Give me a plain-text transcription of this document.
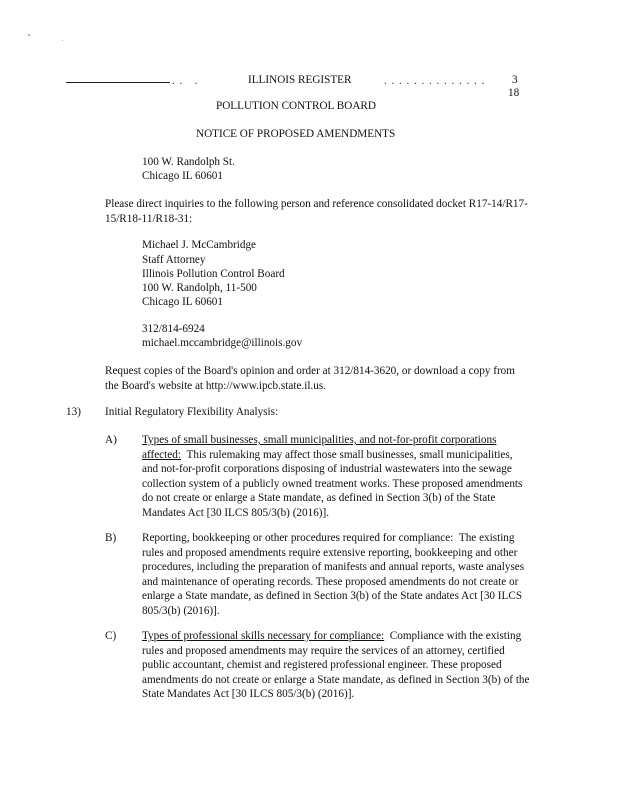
. .   .	ILLINOIS REGISTER	. . . . . . . . . . . . . . 3
18
POLLUTION CONTROL BOARD
NOTICE OF PROPOSED AMENDMENTS
100 W. Randolph St.
Chicago IL 60601
Please direct inquiries to the following person and reference consolidated docket R17-14/R17-15/R18-11/R18-31:
Michael J. McCambridge
Staff Attorney
Illinois Pollution Control Board
100 W. Randolph, 11-500
Chicago IL 60601
312/814-6924
michael.mccambridge@illinois.gov
Request copies of the Board's opinion and order at 312/814-3620, or download a copy from the Board's website at http://www.ipcb.state.il.us.
13) Initial Regulatory Flexibility Analysis:
A) Types of small businesses, small municipalities, and not-for-profit corporations affected: This rulemaking may affect those small businesses, small municipalities, and not-for-profit corporations disposing of industrial wastewaters into the sewage collection system of a publicly owned treatment works. These proposed amendments do not create or enlarge a State mandate, as defined in Section 3(b) of the State Mandates Act [30 ILCS 805/3(b) (2016)].
B) Reporting, bookkeeping or other procedures required for compliance: The existing rules and proposed amendments require extensive reporting, bookkeeping and other procedures, including the preparation of manifests and annual reports, waste analyses and maintenance of operating records. These proposed amendments do not create or enlarge a State mandate, as defined in Section 3(b) of the State andates Act [30 ILCS 805/3(b) (2016)].
C) Types of professional skills necessary for compliance: Compliance with the existing rules and proposed amendments may require the services of an attorney, certified public accountant, chemist and registered professional engineer. These proposed amendments do not create or enlarge a State mandate, as defined in Section 3(b) of the State Mandates Act [30 ILCS 805/3(b) (2016)].
